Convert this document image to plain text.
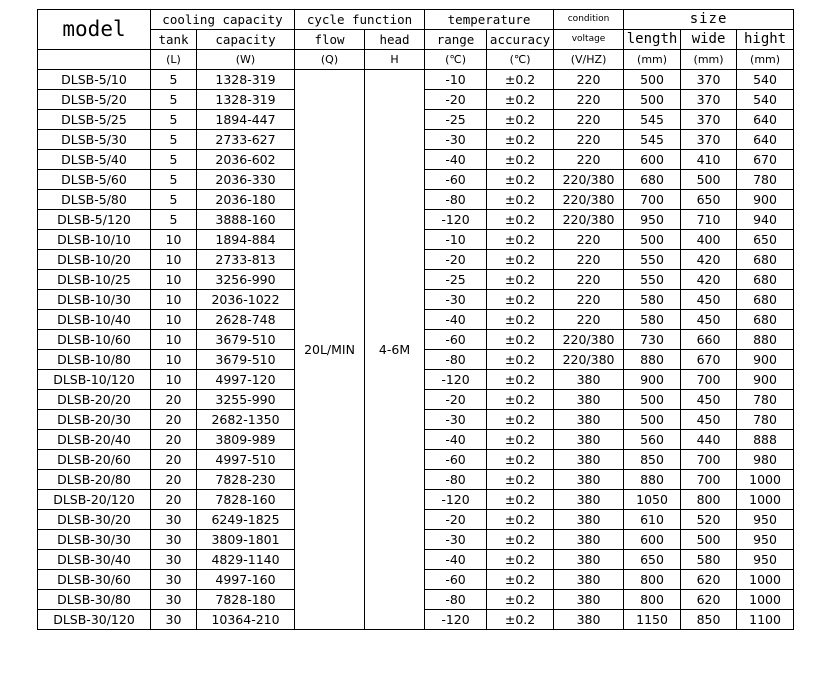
model	cooling capacity		cycle function		temperature		condition	size		
	tank	capacity	flow	head	range	accuracy	voltage	length	wide	hight
	(L)	(W)	(Q)	H	(℃)	(℃)	(V/HZ)	(mm)	(mm)	(mm)
DLSB-5/10	5	1328-319	20L/MIN	4-6M	-10	±0.2	220	500	370	540
DLSB-5/20	5	1328-319			-20	±0.2	220	500	370	540
DLSB-5/25	5	1894-447			-25	±0.2	220	545	370	640
DLSB-5/30	5	2733-627			-30	±0.2	220	545	370	640
DLSB-5/40	5	2036-602			-40	±0.2	220	600	410	670
DLSB-5/60	5	2036-330			-60	±0.2	220/380	680	500	780
DLSB-5/80	5	2036-180			-80	±0.2	220/380	700	650	900
DLSB-5/120	5	3888-160			-120	±0.2	220/380	950	710	940
DLSB-10/10	10	1894-884			-10	±0.2	220	500	400	650
DLSB-10/20	10	2733-813			-20	±0.2	220	550	420	680
DLSB-10/25	10	3256-990			-25	±0.2	220	550	420	680
DLSB-10/30	10	2036-1022			-30	±0.2	220	580	450	680
DLSB-10/40	10	2628-748			-40	±0.2	220	580	450	680
DLSB-10/60	10	3679-510			-60	±0.2	220/380	730	660	880
DLSB-10/80	10	3679-510			-80	±0.2	220/380	880	670	900
DLSB-10/120	10	4997-120			-120	±0.2	380	900	700	900
DLSB-20/20	20	3255-990			-20	±0.2	380	500	450	780
DLSB-20/30	20	2682-1350			-30	±0.2	380	500	450	780
DLSB-20/40	20	3809-989			-40	±0.2	380	560	440	888
DLSB-20/60	20	4997-510			-60	±0.2	380	850	700	980
DLSB-20/80	20	7828-230			-80	±0.2	380	880	700	1000
DLSB-20/120	20	7828-160			-120	±0.2	380	1050	800	1000
DLSB-30/20	30	6249-1825			-20	±0.2	380	610	520	950
DLSB-30/30	30	3809-1801			-30	±0.2	380	600	500	950
DLSB-30/40	30	4829-1140			-40	±0.2	380	650	580	950
DLSB-30/60	30	4997-160			-60	±0.2	380	800	620	1000
DLSB-30/80	30	7828-180			-80	±0.2	380	800	620	1000
DLSB-30/120	30	10364-210			-120	±0.2	380	1150	850	1100
